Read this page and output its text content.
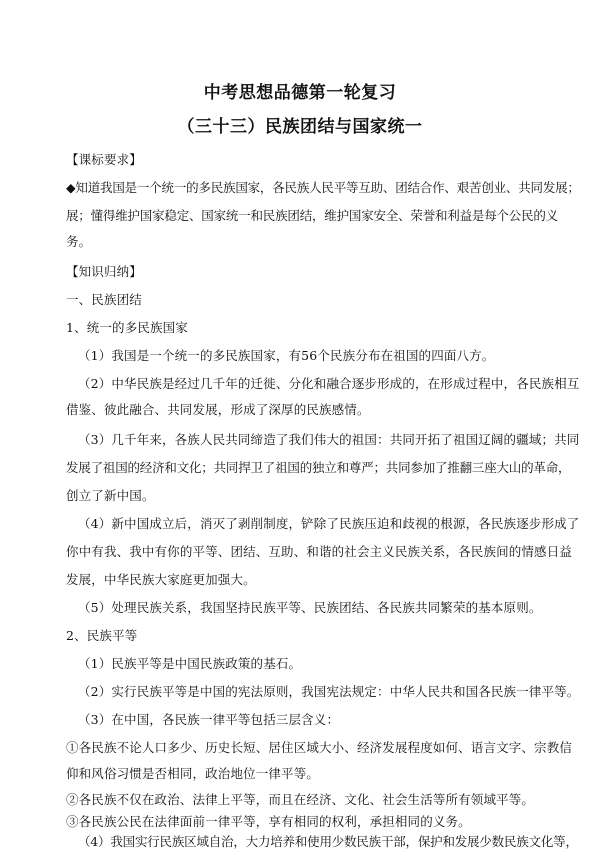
中考思想品德第一轮复习
（三十三）民族团结与国家统一
【课标要求】
◆知道我国是一个统一的多民族国家，各民族人民平等互助、团结合作、艰苦创业、共同发展；
展；懂得维护国家稳定、国家统一和民族团结，维护国家安全、荣誉和利益是每个公民的义
务。
【知识归纳】
一、民族团结
1、统一的多民族国家
（1）我国是一个统一的多民族国家，有56个民族分布在祖国的四面八方。
（2）中华民族是经过几千年的迁徙、分化和融合逐步形成的，在形成过程中，各民族相互
借鉴、彼此融合、共同发展，形成了深厚的民族感情。
（3）几千年来，各族人民共同缔造了我们伟大的祖国：共同开拓了祖国辽阔的疆域；共同
发展了祖国的经济和文化；共同捍卫了祖国的独立和尊严；共同参加了推翻三座大山的革命，
创立了新中国。
（4）新中国成立后，消灭了剥削制度，铲除了民族压迫和歧视的根源，各民族逐步形成了
你中有我、我中有你的平等、团结、互助、和谐的社会主义民族关系，各民族间的情感日益
发展，中华民族大家庭更加强大。
（5）处理民族关系，我国坚持民族平等、民族团结、各民族共同繁荣的基本原则。
2、民族平等
（1）民族平等是中国民族政策的基石。
（2）实行民族平等是中国的宪法原则，我国宪法规定：中华人民共和国各民族一律平等。
（3）在中国，各民族一律平等包括三层含义：
①各民族不论人口多少、历史长短、居住区域大小、经济发展程度如何、语言文字、宗教信
仰和风俗习惯是否相同，政治地位一律平等。
②各民族不仅在政治、法律上平等，而且在经济、文化、社会生活等所有领域平等。
③各民族公民在法律面前一律平等，享有相同的权利，承担相同的义务。
（4）我国实行民族区域自治，大力培养和使用少数民族干部，保护和发展少数民族文化等，
